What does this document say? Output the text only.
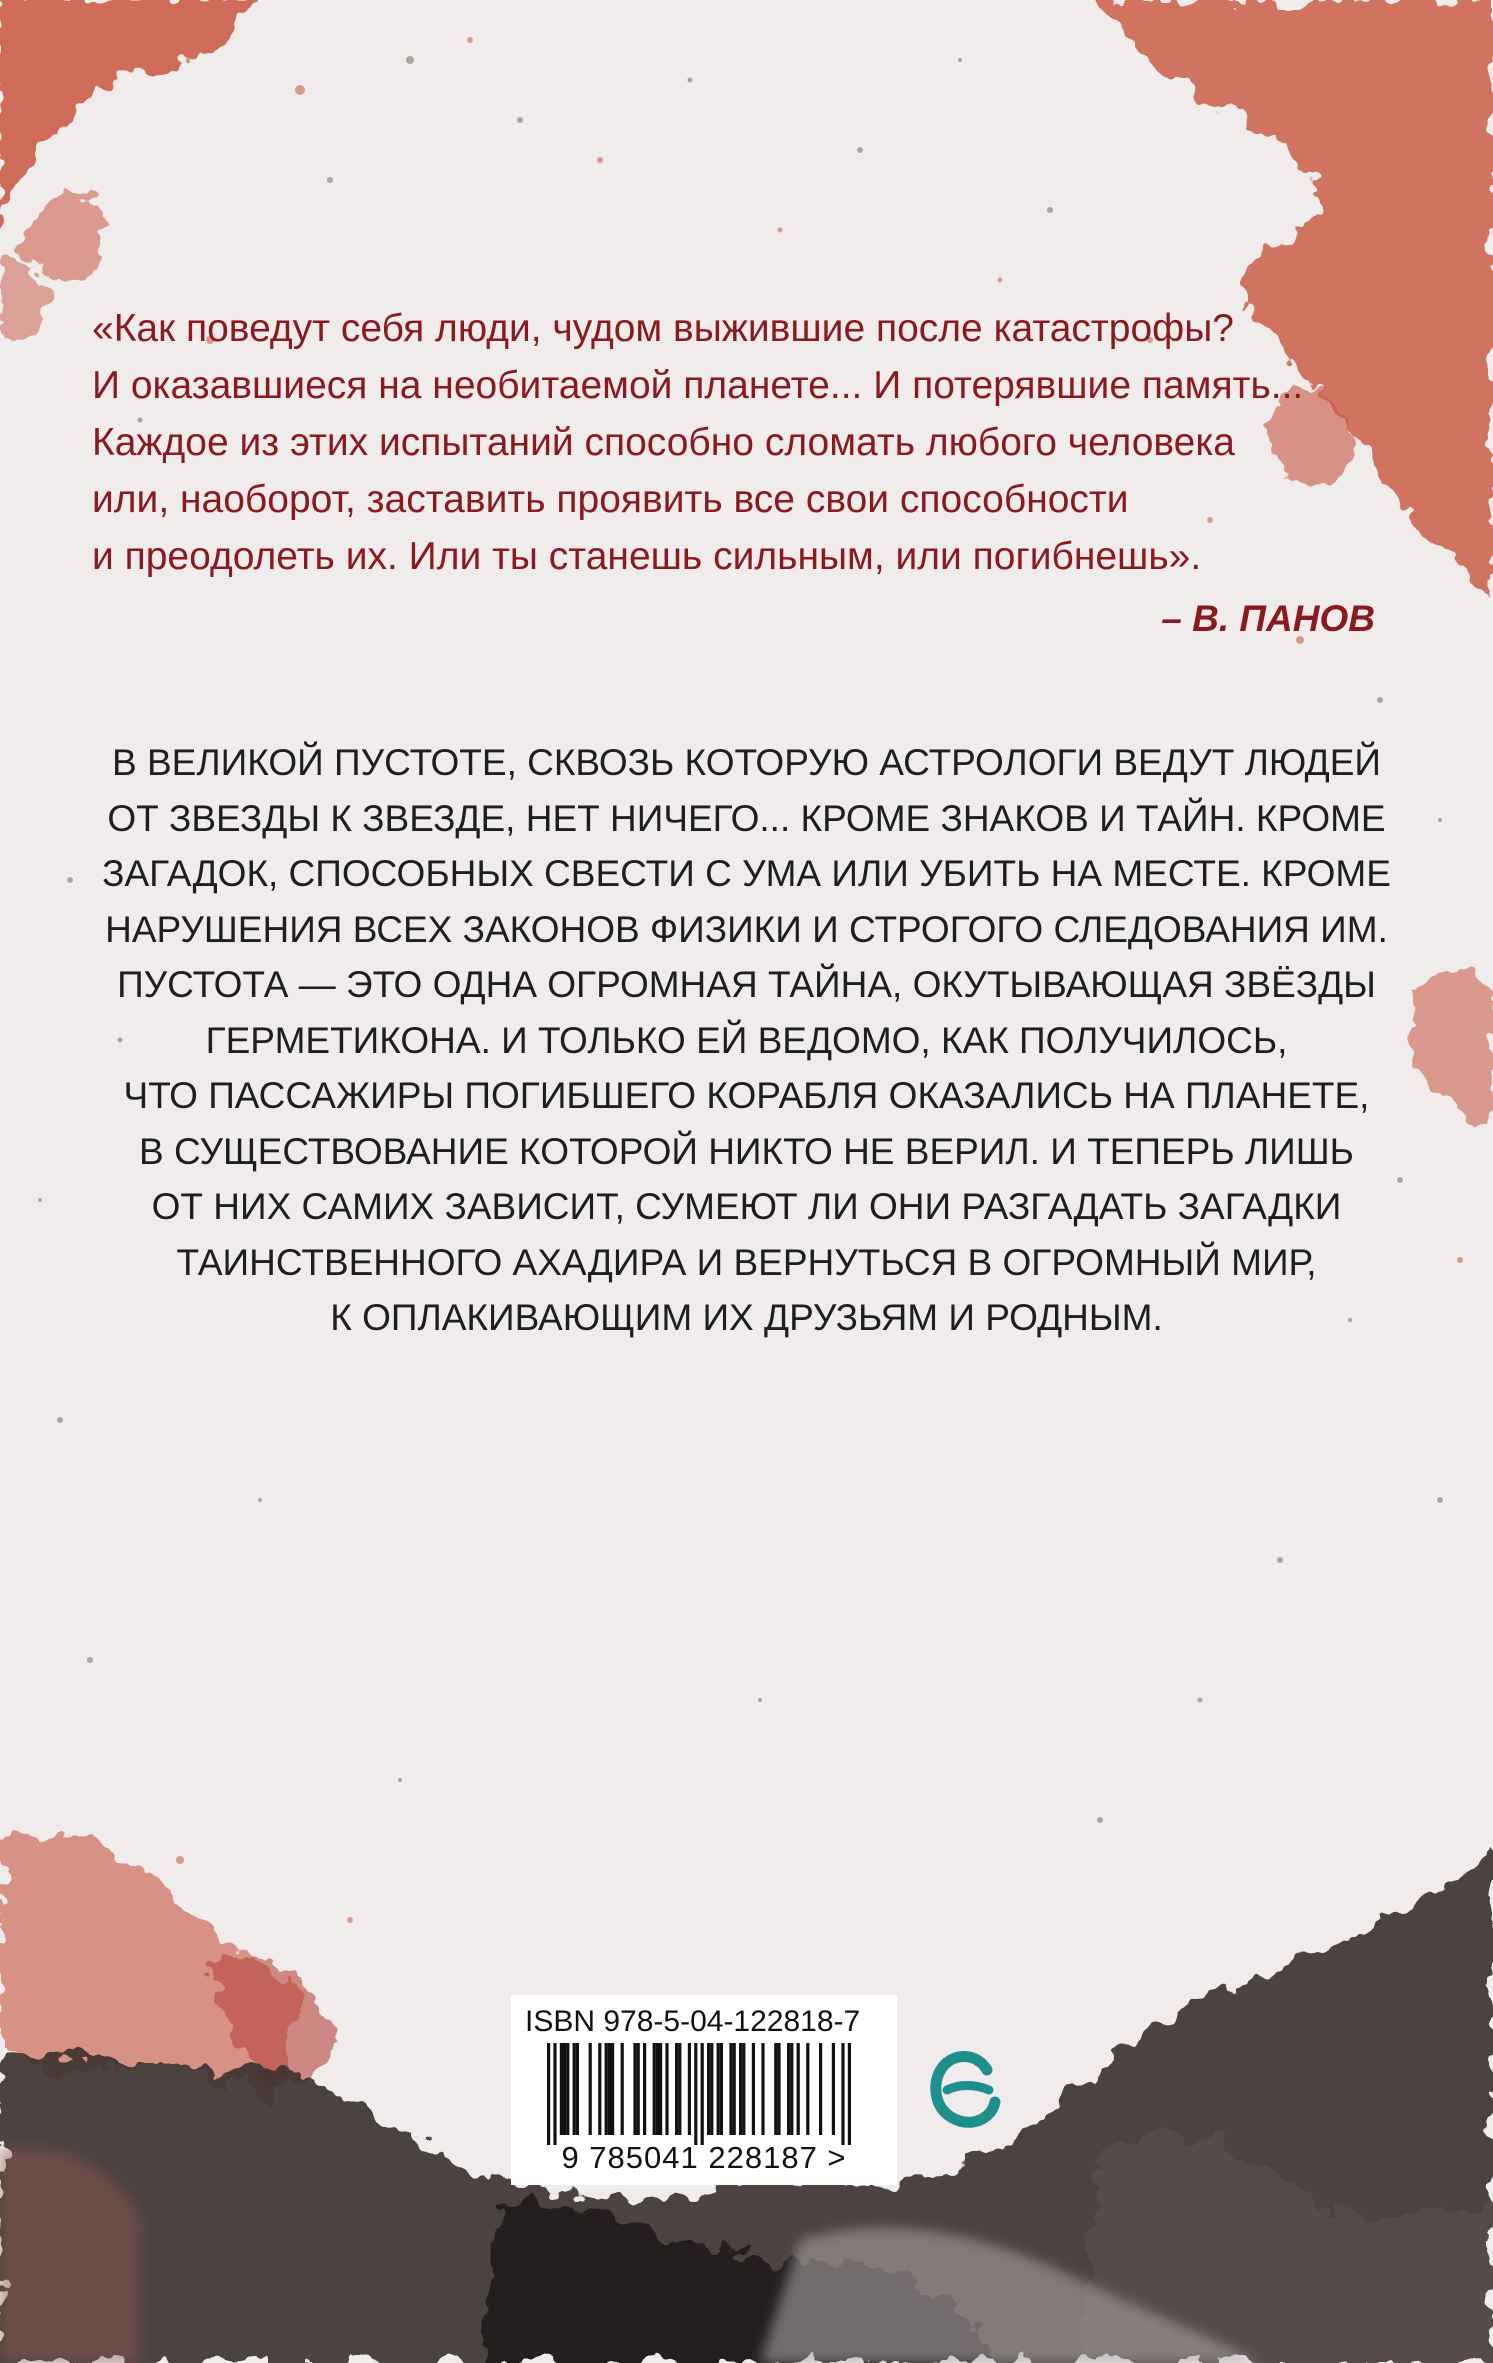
«Как поведут себя люди, чудом выжившие после катастрофы?
И оказавшиеся на необитаемой планете... И потерявшие память...
Каждое из этих испытаний способно сломать любого человека
или, наоборот, заставить проявить все свои способности
и преодолеть их. Или ты станешь сильным, или погибнешь».
– В. ПАНОВ
В ВЕЛИКОЙ ПУСТОТЕ, СКВОЗЬ КОТОРУЮ АСТРОЛОГИ ВЕДУТ ЛЮДЕЙ
ОТ ЗВЕЗДЫ К ЗВЕЗДЕ, НЕТ НИЧЕГО... КРОМЕ ЗНАКОВ И ТАЙН. КРОМЕ
ЗАГАДОК, СПОСОБНЫХ СВЕСТИ С УМА ИЛИ УБИТЬ НА МЕСТЕ. КРОМЕ
НАРУШЕНИЯ ВСЕХ ЗАКОНОВ ФИЗИКИ И СТРОГОГО СЛЕДОВАНИЯ ИМ.
ПУСТОТА — ЭТО ОДНА ОГРОМНАЯ ТАЙНА, ОКУТЫВАЮЩАЯ ЗВЁЗДЫ
ГЕРМЕТИКОНА. И ТОЛЬКО ЕЙ ВЕДОМО, КАК ПОЛУЧИЛОСЬ,
ЧТО ПАССАЖИРЫ ПОГИБШЕГО КОРАБЛЯ ОКАЗАЛИСЬ НА ПЛАНЕТЕ,
В СУЩЕСТВОВАНИЕ КОТОРОЙ НИКТО НЕ ВЕРИЛ. И ТЕПЕРЬ ЛИШЬ
ОТ НИХ САМИХ ЗАВИСИТ, СУМЕЮТ ЛИ ОНИ РАЗГАДАТЬ ЗАГАДКИ
ТАИНСТВЕННОГО АХАДИРА И ВЕРНУТЬСЯ В ОГРОМНЫЙ МИР,
К ОПЛАКИВАЮЩИМ ИХ ДРУЗЬЯМ И РОДНЫМ.
ISBN 978-5-04-122818-7
9 785041 228187 >
